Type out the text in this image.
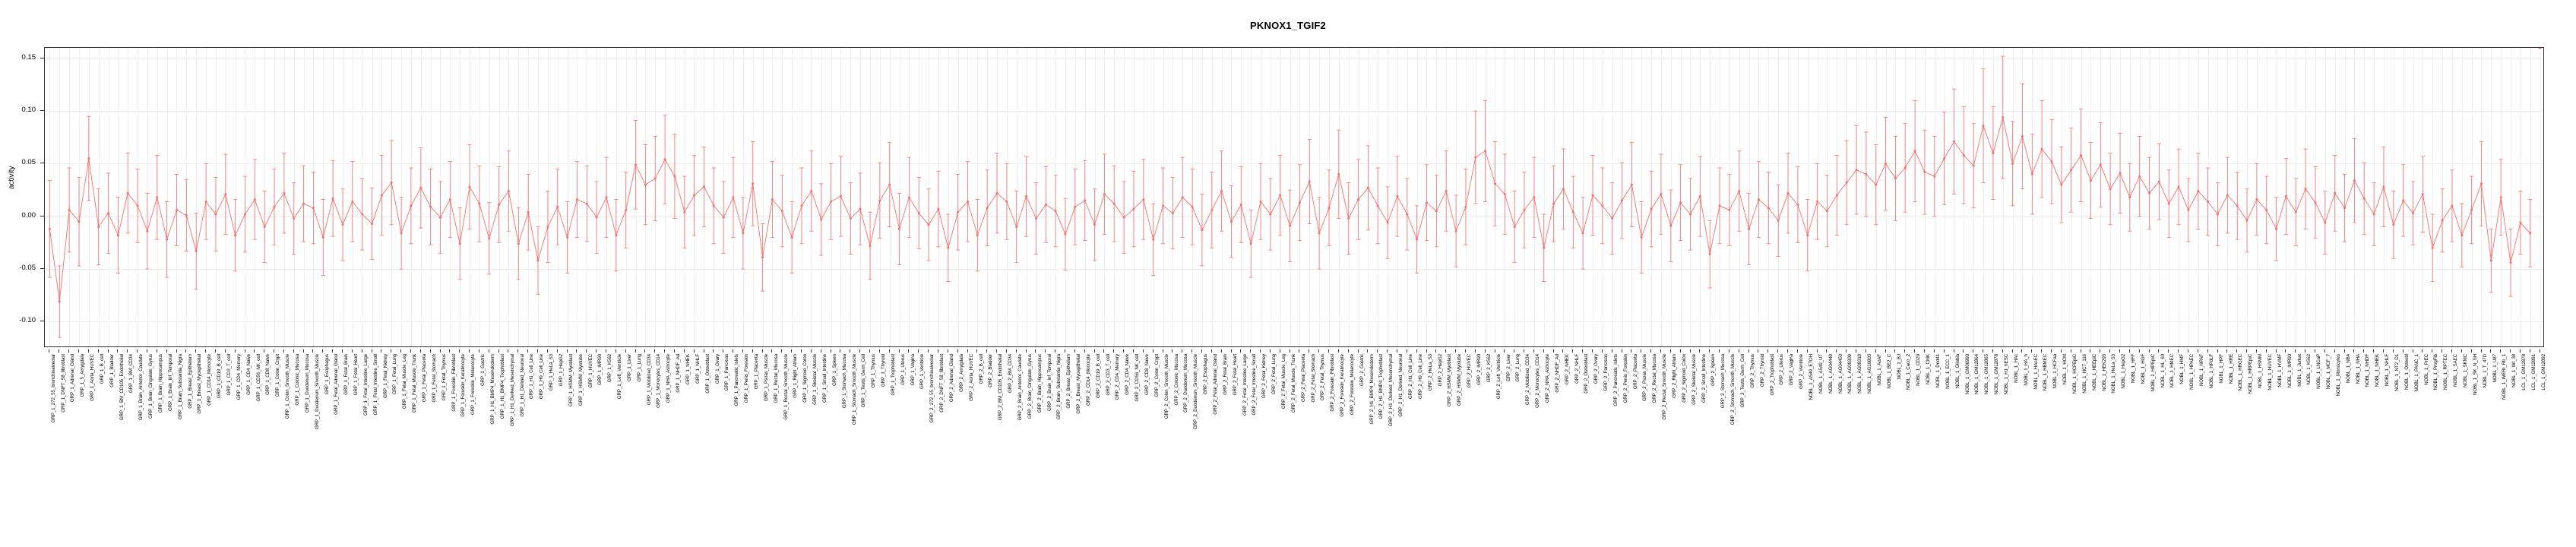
PKNOX1_TGIF2
activity
-0.10
-0.05
0.00
0.05
0.10
0.15
GRP_1_272_55_bronchioalveolar GRP_1_DNFT_58_fibroblast GRP_1_Adrenal_Gland GRP_1_5_Amygdala GRP_1_Aorta_HUVEC GRP_1_B_cell GRP_1_Bladder GRP_1_BM_CD105_Endothelial GRP_1_BM_CD34 GRP_1_Brain_Anterior_Caudate GRP_1_Brain_Cingulate_Gyrus GRP_1_Brain_Hippocampus GRP_1_Brain_Inf_Temporal GRP_1_Brain_Substantia_Nigra GRP_1_Breast_Epithelium GRP_1_Breast_Myoepithelial GRP_1_CD14_Monocyte GRP_1_CD19_B_cell GRP_1_CD3_T_cell GRP_1_CD4_Memory GRP_1_CD4_Naive GRP_1_CD56_NK_cell GRP_1_CD8_Naive GRP_1_Colon_Crypt GRP_1_Colon_Smooth_Muscle GRP_1_Colonic_Mucosa GRP_1_Duodenum_Mucosa GRP_1_Duodenum_Smooth_Muscle GRP_1_Esophagus GRP_1_Fetal_Adrenal_Gland GRP_1_Fetal_Brain GRP_1_Fetal_Heart GRP_1_Fetal_Intestine_Large GRP_1_Fetal_Intestine_Small GRP_1_Fetal_Kidney GRP_1_Fetal_Lung GRP_1_Fetal_Muscle_Leg GRP_1_Fetal_Muscle_Trunk GRP_1_Fetal_Placenta GRP_1_Fetal_Stomach GRP_1_Fetal_Thymus GRP_1_Foreskin_Fibroblast GRP_1_Foreskin_Keratinocyte GRP_1_Foreskin_Melanocyte GRP_1_Gastric GRP_1_H1_BMP4_Mesendoderm GRP_1_H1_BMP4_Trophoblast GRP_1_H1_Derived_Mesenchymal GRP_1_H1_Derived_Neuronal GRP_1_H1_Cell_Line GRP_1_H9_Cell_Line GRP_1_HeLa_S3 GRP_1_HepG2 GRP_1_HSMM_Myoblast GRP_1_HSMM_Myotube GRP_1_HUVEC GRP_1_IMR90 GRP_1_K562 GRP_1_Left_Ventricle GRP_1_Liver GRP_1_Lung GRP_1_Mobilized_CD34 GRP_1_Monocytes_CD14 GRP_1_NHA_Astrocyte GRP_1_NHDF_Ad GRP_1_NHEK GRP_1_NHLF GRP_1_Osteoblast GRP_1_Ovary GRP_1_Pancreas GRP_1_Pancreatic_Islets GRP_1_Penis_Foreskin GRP_1_Placenta GRP_1_Psoas_Muscle GRP_1_Rectal_Mucosa GRP_1_Rectal_Smooth_Muscle GRP_1_Right_Atrium GRP_1_Sigmoid_Colon GRP_1_Skeletal_Muscle GRP_1_Small_Intestine GRP_1_Spleen GRP_1_Stomach_Mucosa GRP_1_Stomach_Smooth_Muscle GRP_1_Testis_Germ_Cell GRP_1_Thymus GRP_1_Thyroid GRP_1_Trophoblast GRP_1_Uterus GRP_1_Vagina GRP_1_Ventricle GRP_2_272_55_bronchioalveolar GRP_2_DNFT_58_fibroblast GRP_2_Adrenal_Gland GRP_2_Amygdala GRP_2_Aorta_HUVEC GRP_2_B_cell GRP_2_Bladder GRP_2_BM_CD105_Endothelial GRP_2_BM_CD34 GRP_2_Brain_Anterior_Caudate GRP_2_Brain_Cingulate_Gyrus GRP_2_Brain_Hippocampus GRP_2_Brain_Inf_Temporal GRP_2_Brain_Substantia_Nigra GRP_2_Breast_Epithelium GRP_2_Breast_Myoepithelial GRP_2_CD14_Monocyte GRP_2_CD19_B_cell GRP_2_CD3_T_cell GRP_2_CD4_Memory GRP_2_CD4_Naive GRP_2_CD56_NK_cell GRP_2_CD8_Naive GRP_2_Colon_Crypt GRP_2_Colon_Smooth_Muscle GRP_2_Colonic_Mucosa GRP_2_Duodenum_Mucosa GRP_2_Duodenum_Smooth_Muscle GRP_2_Esophagus GRP_2_Fetal_Adrenal_Gland GRP_2_Fetal_Brain GRP_2_Fetal_Heart GRP_2_Fetal_Intestine_Large GRP_2_Fetal_Intestine_Small GRP_2_Fetal_Kidney GRP_2_Fetal_Lung GRP_2_Fetal_Muscle_Leg GRP_2_Fetal_Muscle_Trunk GRP_2_Fetal_Placenta GRP_2_Fetal_Stomach GRP_2_Fetal_Thymus GRP_2_Foreskin_Fibroblast GRP_2_Foreskin_Keratinocyte GRP_2_Foreskin_Melanocyte GRP_2_Gastric GRP_2_H1_BMP4_Mesendoderm GRP_2_H1_BMP4_Trophoblast GRP_2_H1_Derived_Mesenchymal GRP_2_H1_Derived_Neuronal GRP_2_H1_Cell_Line GRP_2_H9_Cell_Line GRP_2_HeLa_S3 GRP_2_HepG2 GRP_2_HSMM_Myoblast GRP_2_HSMM_Myotube GRP_2_HUVEC GRP_2_IMR90 GRP_2_K562 GRP_2_Left_Ventricle GRP_2_Liver GRP_2_Lung GRP_2_Mobilized_CD34 GRP_2_Monocytes_CD14 GRP_2_NHA_Astrocyte GRP_2_NHDF_Ad GRP_2_NHEK GRP_2_NHLF GRP_2_Osteoblast GRP_2_Ovary GRP_2_Pancreas GRP_2_Pancreatic_Islets GRP_2_Penis_Foreskin GRP_2_Placenta GRP_2_Psoas_Muscle GRP_2_Rectal_Mucosa GRP_2_Rectal_Smooth_Muscle GRP_2_Right_Atrium GRP_2_Sigmoid_Colon GRP_2_Skeletal_Muscle GRP_2_Small_Intestine GRP_2_Spleen GRP_2_Stomach_Mucosa GRP_2_Stomach_Smooth_Muscle GRP_2_Testis_Germ_Cell GRP_2_Thymus GRP_2_Thyroid GRP_2_Trophoblast GRP_2_Uterus GRP_2_Vagina GRP_2_Ventricle NOBL_1_A549_ETOH NOBL_1_A549_UT NOBL_1_AG04449 NOBL_1_AG04450 NOBL_1_AG09309 NOBL_1_AG09319 NOBL_1_AG10803 NOBL_1_AoAF NOBL_1_BE2_C NOBL_1_BJ NOBL_1_Caco_2 NOBL_1_CD20 NOBL_1_CMK NOBL_1_Dnd41 NOBL_1_ECC_1 NOBL_1_Gliobla NOBL_1_GM06990 NOBL_1_GM12864 NOBL_1_GM12865 NOBL_1_GM12878 NOBL_1_H1_hESC NOBL_1_HAc NOBL_1_HA_h NOBL_1_HAoEC NOBL_1_HBMEC NOBL_1_HCFaa NOBL_1_HCM NOBL_1_HCPEpiC NOBL_1_HCT_116 NOBL_1_HEEpiC NOBL_1_HEK293 NOBL_1_HeLa_S3 NOBL_1_HepG2 NOBL_1_HFF NOBL_1_HGF NOBL_1_HIPEpiC NOBL_1_HL_60 NOBL_1_HMEC NOBL_1_HMF NOBL_1_HPAEC NOBL_1_HPAF NOBL_1_HPdLF NOBL_1_HPF NOBL_1_HRE NOBL_1_HRGEC NOBL_1_HRPEpiC NOBL_1_HSMM NOBL_1_HUVEC NOBL_1_HVMF NOBL_1_IMR90 NOBL_1_Jurkat NOBL_1_K562 NOBL_1_LNCaP NOBL_1_MCF_7 NOBL_1_Monocytes NOBL_1_NB4 NOBL_1_NHA NOBL_1_NHDF NOBL_1_NHEK NOBL_1_NHLF NOBL_1_NT2_D1 NOBL_1_Osteobl NOBL_1_PANC_1 NOBL_1_PrEC NOBL_1_ProgFib NOBL_1_RPTEC NOBL_1_SAEC NOBL_1_SKMC NOBL_1_SK_N_SH NOBL_1_T_47D NOBL_1_U87 NOBL_1_WERI_Rb_1 NOBL_1_WI_38 LCL_1_GM12878 LCL_1_GM12891 LCL_1_GM12892
